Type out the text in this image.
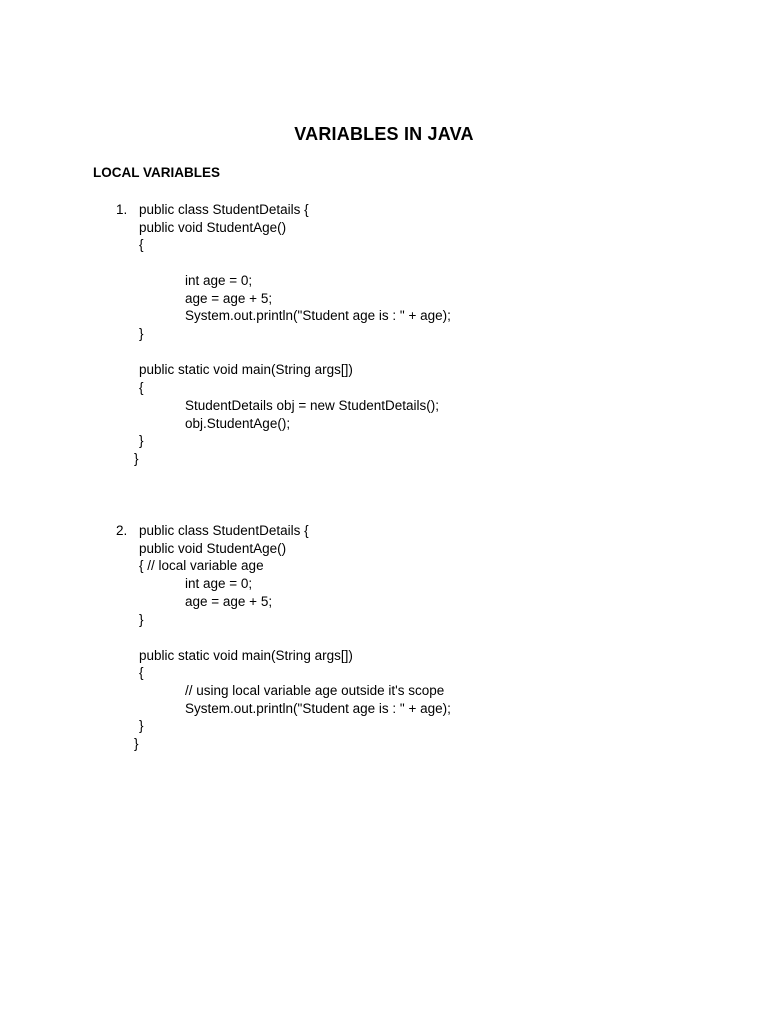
VARIABLES IN JAVA
LOCAL VARIABLES
1. public class StudentDetails {
public void StudentAge()
{
int age = 0;
age = age + 5;
System.out.println("Student age is : " + age);
}
public static void main(String args[])
{
StudentDetails obj = new StudentDetails();
obj.StudentAge();
}
}
2. public class StudentDetails {
public void StudentAge()
{ // local variable age
int age = 0;
age = age + 5;
}
public static void main(String args[])
{
// using local variable age outside it's scope
System.out.println("Student age is : " + age);
}
}
